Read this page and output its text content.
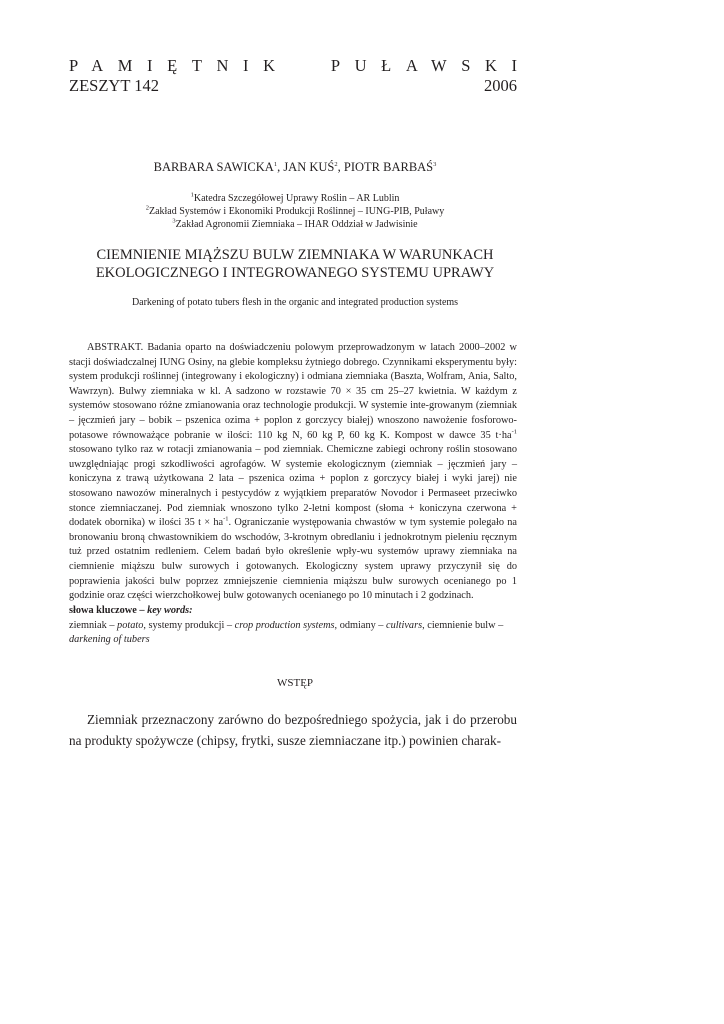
PAMIĘTNIK PUŁAWSKI
ZESZYT 142	2006
BARBARA SAWICKA$^1$, JAN KUŚ$^2$, PIOTR BARBAŚ$^3$
$^1$Katedra Szczegółowej Uprawy Roślin – AR Lublin
$^2$Zakład Systemów i Ekonomiki Produkcji Roślinnej – IUNG-PIB, Puławy
$^3$Zakład Agronomii Ziemniaka – IHAR Oddział w Jadwisinie
CIEMNIENIE MIĄŻSZU BULW ZIEMNIAKA W WARUNKACH
EKOLOGICZNEGO I INTEGROWANEGO SYSTEMU UPRAWY
Darkening of potato tubers flesh in the organic and integrated production systems

ABSTRAKT. Badania oparto na doświadczeniu polowym przeprowadzonym w latach 2000–2002 w stacji doświadczalnej IUNG Osiny, na glebie kompleksu żytniego dobrego. Czynnikami eksperymentu były: system produkcji roślinnej (integrowany i ekologiczny) i odmiana ziemniaka (Baszta, Wolfram, Ania, Salto, Wawrzyn). Bulwy ziemniaka w kl. A sadzono w rozstawie 70 × 35 cm 25–27 kwietnia. W każdym z systemów stosowano różne zmianowania oraz technologie produkcji. W systemie inte-growanym (ziemniak – jęczmień jary – bobik – pszenica ozima + poplon z gorczycy białej) wnoszono nawożenie fosforowo-potasowe równoważące pobranie w ilości: 110 kg N, 60 kg P, 60 kg K. Kompost w dawce 35 $t\cdot ha^{-1}$ stosowano tylko raz w rotacji zmianowania – pod ziemniak. Chemiczne zabiegi ochrony roślin stosowano uwzględniając progi szkodliwości agrofagów. W systemie ekologicznym (ziemniak – jęczmień jary – koniczyna z trawą użytkowana 2 lata – pszenica ozima + poplon z gorczycy białej i wyki jarej) nie stosowano nawozów mineralnych i pestycydów z wyjątkiem preparatów Novodor i Permaseet przeciwko stonce ziemniaczanej. Pod ziemniak wnoszono tylko 2-letni kompost (słoma + koniczyna czerwona + dodatek obornika) w ilości 35 $t \times ha^{-1}$. Ograniczanie występowania chwastów w tym systemie polegało na bronowaniu broną chwastownikiem do wschodów, 3-krotnym obredlaniu i jednokrotnym pieleniu ręcznym tuż przed ostatnim redleniem. Celem badań było określenie wpły-wu systemów uprawy ziemniaka na ciemnienie miąższu bulw surowych i gotowanych. Ekologiczny system uprawy przyczynił się do poprawienia jakości bulw poprzez zmniejszenie ciemnienia miąższu bulw surowych ocenianego po 1 godzinie oraz części wierzchołkowej bulw gotowanych ocenianego po 10 minutach i 2 godzinach.

słowa kluczowe – key words:
ziemniak – potato, systemy produkcji – crop production systems, odmiany – cultivars, ciemnienie bulw – darkening of tubers
WSTĘP

Ziemniak przeznaczony zarówno do bezpośredniego spożycia, jak i do przerobu na produkty spożywcze (chipsy, frytki, susze ziemniaczane itp.) powinien charak-
